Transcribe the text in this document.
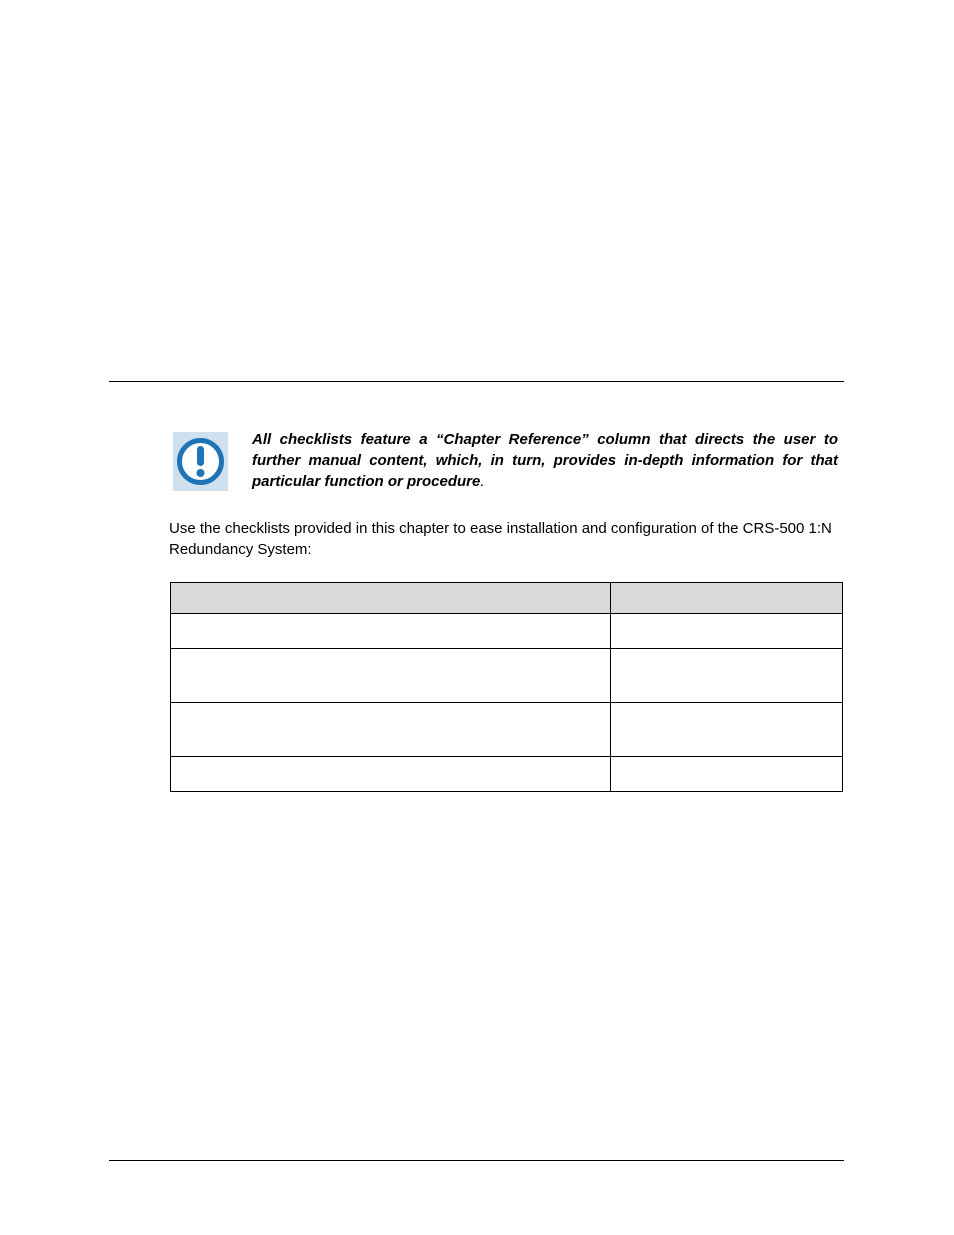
All checklists feature a “Chapter Reference” column that directs the user to further manual content, which, in turn, provides in-depth information for that particular function or procedure.
Use the checklists provided in this chapter to ease installation and configuration of the CRS-500 1:N Redundancy System:
